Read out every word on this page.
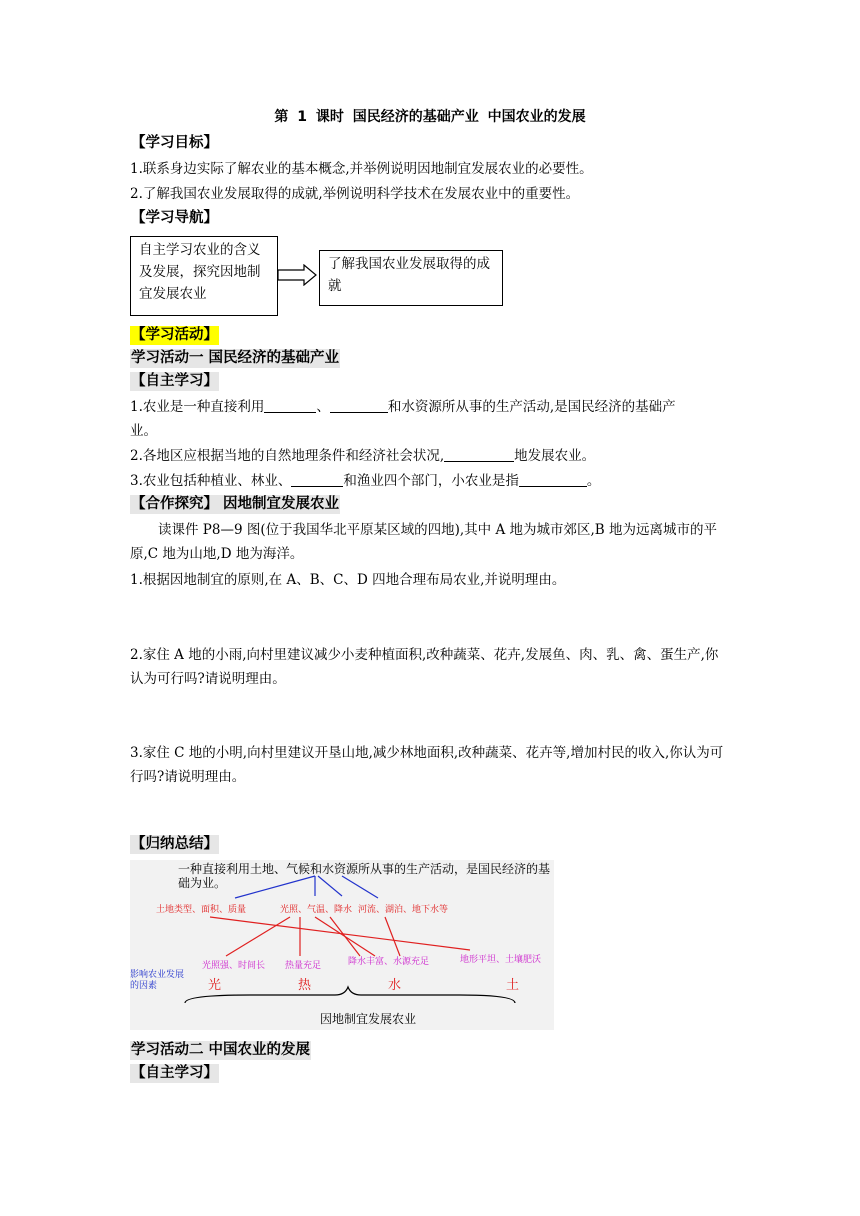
第 1 课时 国民经济的基础产业 中国农业的发展
【学习目标】
1.联系身边实际了解农业的基本概念,并举例说明因地制宜发展农业的必要性。
2.了解我国农业发展取得的成就,举例说明科学技术在发展农业中的重要性。
【学习导航】
自主学习农业的含义及发展，探究因地制宜发展农业
了解我国农业发展取得的成就
【学习活动】
学习活动一 国民经济的基础产业
【自主学习】
1.农业是一种直接利用	、	和水资源所从事的生产活动,是国民经济的基础产
业。
2.各地区应根据当地的自然地理条件和经济社会状况,	地发展农业。
3.农业包括种植业、林业、	和渔业四个部门，小农业是指	。
【合作探究】 因地制宜发展农业
读课件 P8—9 图(位于我国华北平原某区域的四地),其中 A 地为城市郊区,B 地为远离城市的平原,C 地为山地,D 地为海洋。
1.根据因地制宜的原则,在 A、B、C、D 四地合理布局农业,并说明理由。
2.家住 A 地的小雨,向村里建议减少小麦种植面积,改种蔬菜、花卉,发展鱼、肉、乳、禽、蛋生产,你认为可行吗?请说明理由。
3.家住 C 地的小明,向村里建议开垦山地,减少林地面积,改种蔬菜、花卉等,增加村民的收入,你认为可行吗?请说明理由。
【归纳总结】
一种直接利用土地、气候和水资源所从事的生产活动，是国民经济的基础为业。
土地类型、面积、质量	光照、气温、降水 河流、湖泊、地下水等
光照强、时间长 热量充足	降水丰富、水源充足	地形平坦、土壤肥沃
影响农业发展的因素	光	热	水	土
因地制宜发展农业
学习活动二 中国农业的发展
【自主学习】
